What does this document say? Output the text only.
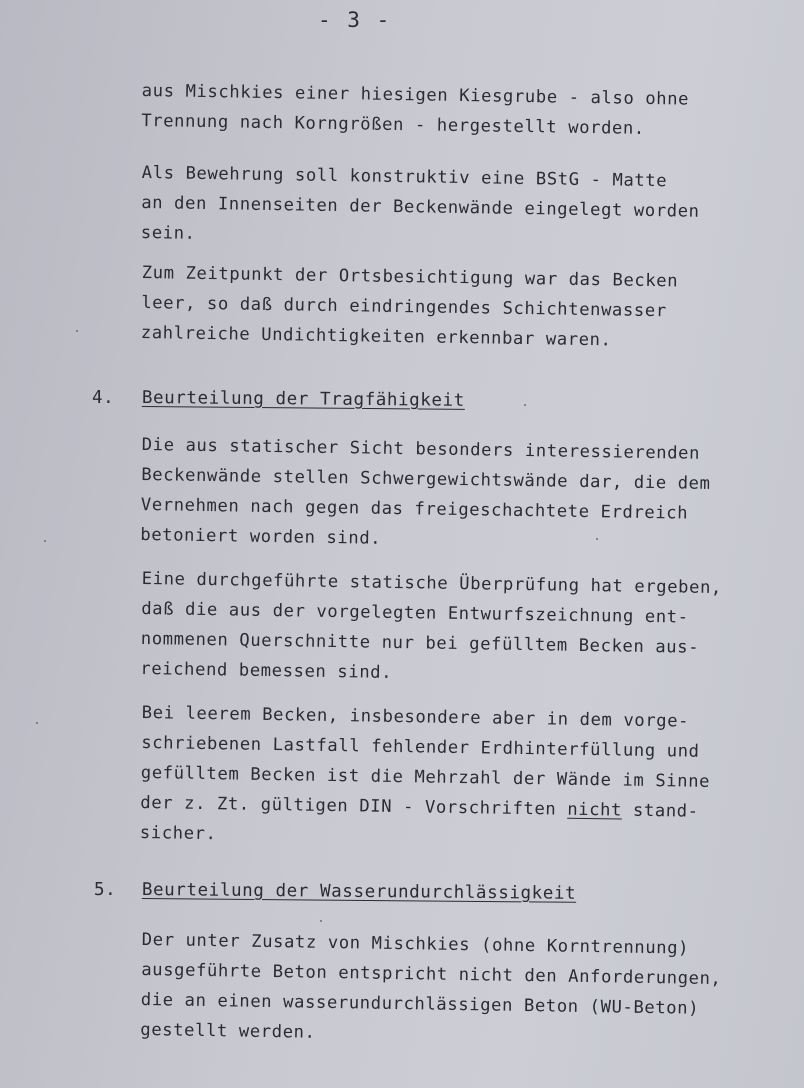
- 3 -
aus Mischkies einer hiesigen Kiesgrube - also ohne
Trennung nach Korngrößen - hergestellt worden.
Als Bewehrung soll konstruktiv eine BStG - Matte
an den Innenseiten der Beckenwände eingelegt worden
sein.
Zum Zeitpunkt der Ortsbesichtigung war das Becken
leer, so daß durch eindringendes Schichtenwasser
zahlreiche Undichtigkeiten erkennbar waren.
4. Beurteilung der Tragfähigkeit
Die aus statischer Sicht besonders interessierenden
Beckenwände stellen Schwergewichtswände dar, die dem
Vernehmen nach gegen das freigeschachtete Erdreich
betoniert worden sind.
Eine durchgeführte statische Überprüfung hat ergeben,
daß die aus der vorgelegten Entwurfszeichnung ent-
nommenen Querschnitte nur bei gefülltem Becken aus-
reichend bemessen sind.
Bei leerem Becken, insbesondere aber in dem vorge-
schriebenen Lastfall fehlender Erdhinterfüllung und
gefülltem Becken ist die Mehrzahl der Wände im Sinne
der z. Zt. gültigen DIN - Vorschriften nicht stand-
sicher.
5. Beurteilung der Wasserundurchlässigkeit
Der unter Zusatz von Mischkies (ohne Korntrennung)
ausgeführte Beton entspricht nicht den Anforderungen,
die an einen wasserundurchlässigen Beton (WU-Beton)
gestellt werden.
